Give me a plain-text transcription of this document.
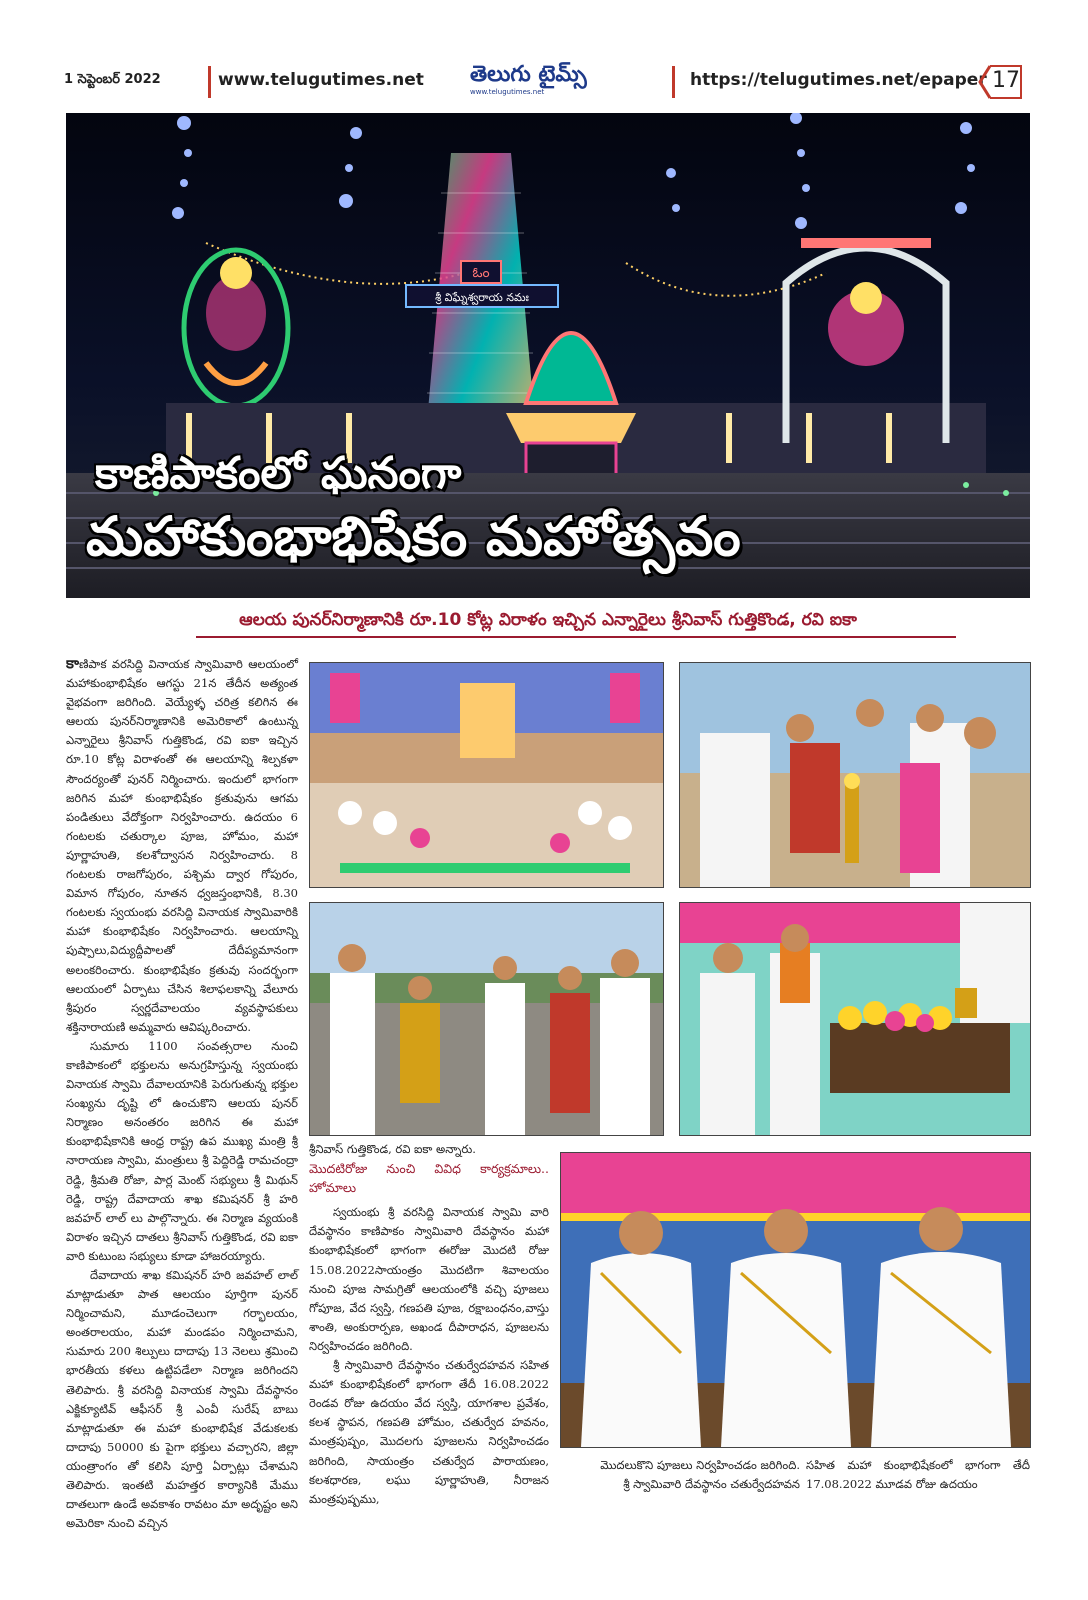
1 సెప్టెంబర్ 2022	www.telugutimes.net తెలుగు టైమ్స్
www.telugutimes.net
https://telugutimes.net/epaper 17
ఓం
శ్రీ విఘ్నేశ్వరాయ నమః
కాణిపాకంలో ఘనంగా
మహాకుంభాభిషేకం మహోత్సవం
ఆలయ పునర్‌నిర్మాణానికి రూ.10 కోట్ల విరాళం ఇచ్చిన ఎన్నారైలు శ్రీనివాస్‌ గుత్తికొండ, రవి ఐకా

కాణిపాక వరసిద్ది వినాయక స్వామివారి ఆలయంలో మహాకుంభాభిషేకం ఆగస్టు 21న తేదీన అత్యంత వైభవంగా జరిగింది. వెయ్యేళ్ళ చరిత్ర కలిగిన ఈ ఆలయ పునర్‌నిర్మాణానికి అమెరికాలో ఉంటున్న ఎన్నారైలు శ్రీనివాస్‌ గుత్తికొండ, రవి ఐకా ఇచ్చిన రూ.10 కోట్ల విరాళంతో ఈ ఆలయాన్ని శిల్పకళా సౌందర్యంతో పునర్‌ నిర్మించారు. ఇందులో భాగంగా జరిగిన మహా కుంభాభిషేకం క్రతువును ఆగమ పండితులు వేదోక్తంగా నిర్వహించారు. ఉదయం 6 గంటలకు చతుర్కాల పూజ, హోమం, మహా పూర్ణాహుతి, కలశోద్వాసన నిర్వహించారు. 8 గంటలకు రాజగోపురం, పశ్చిమ ద్వార గోపురం, విమాన గోపురం, నూతన ధ్వజస్తంభానికి, 8.30 గంటలకు స్వయంభు వరసిద్ది వినాయక స్వామివారికి మహా కుంభాభిషేకం నిర్వహించారు. ఆలయాన్ని పుష్పాలు,విద్యుద్దీపాలతో దేదీప్యమానంగా అలంకరించారు. కుంభాభిషేకం క్రతువు సందర్భంగా ఆలయంలో ఏర్పాటు చేసిన శిలాఫలకాన్ని వేలూరు శ్రీపురం స్వర్ణదేవాలయం వ్యవస్థాపకులు శక్తినారాయణి అమ్మవారు ఆవిష్కరించారు.

సుమారు 1100 సంవత్సరాల నుంచి కాణిపాకంలో భక్తులను అనుగ్రహిస్తున్న స్వయంభు వినాయక స్వామి దేవాలయానికి పెరుగుతున్న భక్తుల సంఖ్యను దృష్టి లో ఉంచుకొని ఆలయ పునర్‌ నిర్మాణం అనంతరం జరిగిన ఈ మహా కుంభాభిషేకానికి ఆంధ్ర రాష్ట్ర ఉప ముఖ్య మంత్రి శ్రీ నారాయణ స్వామి, మంత్రులు శ్రీ పెద్దిరెడ్డి రామచంద్రా రెడ్డి, శ్రీమతి రోజా, పార్ల మెంట్ సభ్యులు శ్రీ మిథున్ రెడ్డి, రాష్ట్ర దేవాదాయ శాఖ కమిషనర్ శ్రీ హరి జవహర్ లాల్ లు పాల్గొన్నారు. ఈ నిర్మాణ వ్యయంకి విరాళం ఇచ్చిన దాతలు శ్రీనివాస్ గుత్తికొండ, రవి ఐకా వారి కుటుంబ సభ్యులు కూడా హాజరయ్యారు.

దేవాదాయ శాఖ కమిషనర్ హరి జవహల్ లాల్ మాట్లాడుతూ పాత ఆలయం పూర్తిగా పునర్ నిర్మించామని, మూడంచెలుగా గర్భాలయం, అంతరాలయం, మహా మండపం నిర్మించామని, సుమారు 200 శిల్పులు దాదాపు 13 నెలలు శ్రమించి భారతీయ కళలు ఉట్టిపడేలా నిర్మాణ జరిగిందని తెలిపారు. శ్రీ వరసిద్ది వినాయక స్వామి దేవస్థానం ఎక్జిక్యూటివ్ ఆఫీసర్ శ్రీ ఎంవీ సురేష్ బాబు మాట్లాడుతూ ఈ మహా కుంభాభిషేక వేడుకలకు దాదాపు 50000 కు పైగా భక్తులు వచ్చారని, జిల్లా యంత్రాంగం తో కలిసి పూర్తి ఏర్పాట్లు చేశామని తెలిపారు. ఇంతటి మహత్తర కార్యానికి మేము దాతలుగా ఉండే అవకాశం రావటం మా అదృష్టం అని అమెరికా నుంచి వచ్చిన

శ్రీనివాస్ గుత్తికొండ, రవి ఐకా అన్నారు.

మొదటిరోజు నుంచి వివిధ కార్యక్రమాలు.. హోమాలు

స్వయంభు శ్రీ వరసిద్ది వినాయక స్వామి వారి దేవస్థానం కాణిపాకం స్వామివారి దేవస్థానం మహా కుంభాభిషేకంలో భాగంగా ఈరోజు మొదటి రోజు 15.08.2022సాయంత్రం మొదటిగా శివాలయం నుంచి పూజ సామగ్రితో ఆలయంలోకి వచ్చి పూజలు గోపూజ, వేద స్వస్తి, గణపతి పూజ, రక్షాబంధనం,వాస్తు శాంతి, అంకురార్పణ, అఖండ దీపారాధన, పూజలను నిర్వహించడం జరిగింది.

శ్రీ స్వామివారి దేవస్థానం చతుర్వేదహవన సహిత మహా కుంభాభిషేకంలో భాగంగా తేదీ 16.08.2022 రెండవ రోజు ఉదయం వేద స్వస్తి, యాగశాల ప్రవేశం, కలశ స్థాపన, గణపతి హోమం, చతుర్వేద హవనం, మంత్రపుష్పం, మొదలగు పూజలను నిర్వహించడం జరిగింది, సాయంత్రం చతుర్వేద పారాయణం, కలశధారణ, లఘు పూర్ణాహుతి, నీరాజన మంత్రపుష్పము,

మొదలుకొని పూజలు నిర్వహించడం జరిగింది.
శ్రీ స్వామివారి దేవస్థానం చతుర్వేదహవన
సహిత మహా కుంభాభిషేకంలో భాగంగా తేదీ 17.08.2022 మూడవ రోజు ఉదయం
